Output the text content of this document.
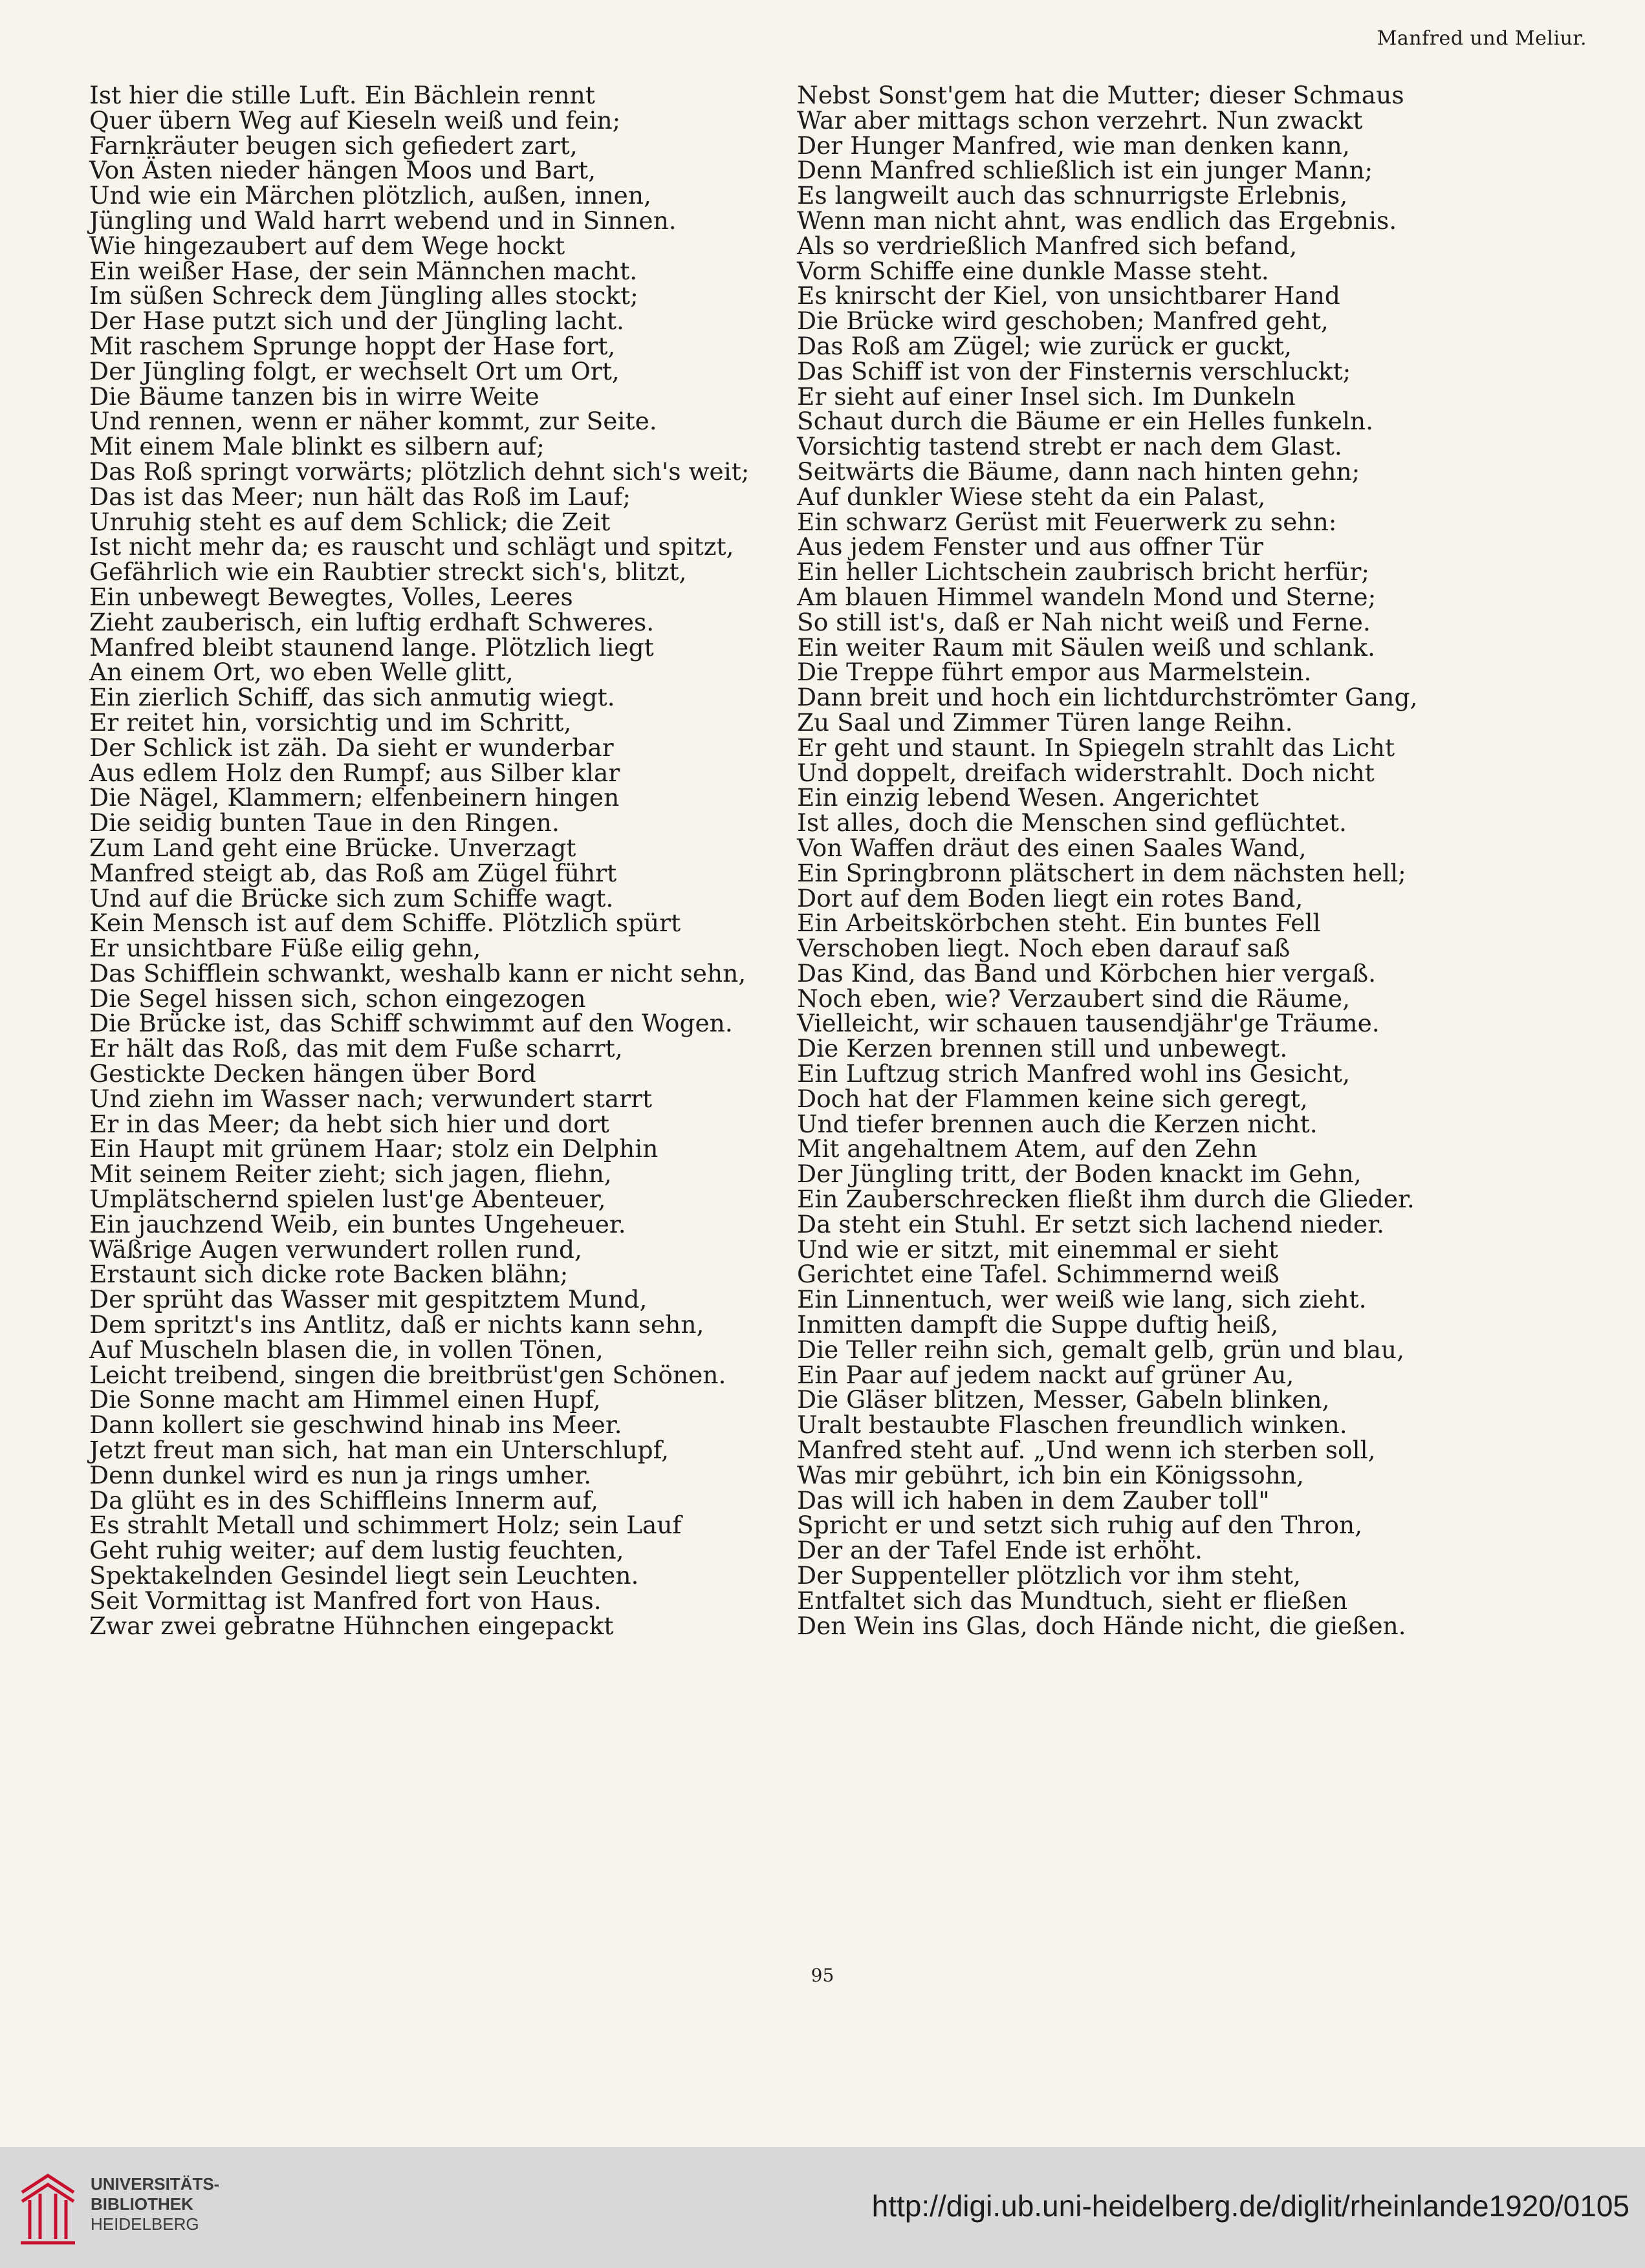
Manfred und Meliur.
Ist hier die stille Luft. Ein Bächlein rennt
Quer übern Weg auf Kieseln weiß und fein;
Farnkräuter beugen sich gefiedert zart,
Von Ästen nieder hängen Moos und Bart,
Und wie ein Märchen plötzlich, außen, innen,
Jüngling und Wald harrt webend und in Sinnen.
Wie hingezaubert auf dem Wege hockt
Ein weißer Hase, der sein Männchen macht.
Im süßen Schreck dem Jüngling alles stockt;
Der Hase putzt sich und der Jüngling lacht.
Mit raschem Sprunge hoppt der Hase fort,
Der Jüngling folgt, er wechselt Ort um Ort,
Die Bäume tanzen bis in wirre Weite
Und rennen, wenn er näher kommt, zur Seite.
Mit einem Male blinkt es silbern auf;
Das Roß springt vorwärts; plötzlich dehnt sich's weit;
Das ist das Meer; nun hält das Roß im Lauf;
Unruhig steht es auf dem Schlick; die Zeit
Ist nicht mehr da; es rauscht und schlägt und spitzt,
Gefährlich wie ein Raubtier streckt sich's, blitzt,
Ein unbewegt Bewegtes, Volles, Leeres
Zieht zauberisch, ein luftig erdhaft Schweres.
Manfred bleibt staunend lange. Plötzlich liegt
An einem Ort, wo eben Welle glitt,
Ein zierlich Schiff, das sich anmutig wiegt.
Er reitet hin, vorsichtig und im Schritt,
Der Schlick ist zäh. Da sieht er wunderbar
Aus edlem Holz den Rumpf; aus Silber klar
Die Nägel, Klammern; elfenbeinern hingen
Die seidig bunten Taue in den Ringen.
Zum Land geht eine Brücke. Unverzagt
Manfred steigt ab, das Roß am Zügel führt
Und auf die Brücke sich zum Schiffe wagt.
Kein Mensch ist auf dem Schiffe. Plötzlich spürt
Er unsichtbare Füße eilig gehn,
Das Schifflein schwankt, weshalb kann er nicht sehn,
Die Segel hissen sich, schon eingezogen
Die Brücke ist, das Schiff schwimmt auf den Wogen.
Er hält das Roß, das mit dem Fuße scharrt,
Gestickte Decken hängen über Bord
Und ziehn im Wasser nach; verwundert starrt
Er in das Meer; da hebt sich hier und dort
Ein Haupt mit grünem Haar; stolz ein Delphin
Mit seinem Reiter zieht; sich jagen, fliehn,
Umplätschernd spielen lust'ge Abenteuer,
Ein jauchzend Weib, ein buntes Ungeheuer.
Wäßrige Augen verwundert rollen rund,
Erstaunt sich dicke rote Backen blähn;
Der sprüht das Wasser mit gespitztem Mund,
Dem spritzt's ins Antlitz, daß er nichts kann sehn,
Auf Muscheln blasen die, in vollen Tönen,
Leicht treibend, singen die breitbrüst'gen Schönen.
Die Sonne macht am Himmel einen Hupf,
Dann kollert sie geschwind hinab ins Meer.
Jetzt freut man sich, hat man ein Unterschlupf,
Denn dunkel wird es nun ja rings umher.
Da glüht es in des Schiffleins Innerm auf,
Es strahlt Metall und schimmert Holz; sein Lauf
Geht ruhig weiter; auf dem lustig feuchten,
Spektakelnden Gesindel liegt sein Leuchten.
Seit Vormittag ist Manfred fort von Haus.
Zwar zwei gebratne Hühnchen eingepackt
Nebst Sonst'gem hat die Mutter; dieser Schmaus
War aber mittags schon verzehrt. Nun zwackt
Der Hunger Manfred, wie man denken kann,
Denn Manfred schließlich ist ein junger Mann;
Es langweilt auch das schnurrigste Erlebnis,
Wenn man nicht ahnt, was endlich das Ergebnis.
Als so verdrießlich Manfred sich befand,
Vorm Schiffe eine dunkle Masse steht.
Es knirscht der Kiel, von unsichtbarer Hand
Die Brücke wird geschoben; Manfred geht,
Das Roß am Zügel; wie zurück er guckt,
Das Schiff ist von der Finsternis verschluckt;
Er sieht auf einer Insel sich. Im Dunkeln
Schaut durch die Bäume er ein Helles funkeln.
Vorsichtig tastend strebt er nach dem Glast.
Seitwärts die Bäume, dann nach hinten gehn;
Auf dunkler Wiese steht da ein Palast,
Ein schwarz Gerüst mit Feuerwerk zu sehn:
Aus jedem Fenster und aus offner Tür
Ein heller Lichtschein zaubrisch bricht herfür;
Am blauen Himmel wandeln Mond und Sterne;
So still ist's, daß er Nah nicht weiß und Ferne.
Ein weiter Raum mit Säulen weiß und schlank.
Die Treppe führt empor aus Marmelstein.
Dann breit und hoch ein lichtdurchströmter Gang,
Zu Saal und Zimmer Türen lange Reihn.
Er geht und staunt. In Spiegeln strahlt das Licht
Und doppelt, dreifach widerstrahlt. Doch nicht
Ein einzig lebend Wesen. Angerichtet
Ist alles, doch die Menschen sind geflüchtet.
Von Waffen dräut des einen Saales Wand,
Ein Springbronn plätschert in dem nächsten hell;
Dort auf dem Boden liegt ein rotes Band,
Ein Arbeitskörbchen steht. Ein buntes Fell
Verschoben liegt. Noch eben darauf saß
Das Kind, das Band und Körbchen hier vergaß.
Noch eben, wie? Verzaubert sind die Räume,
Vielleicht, wir schauen tausendjähr'ge Träume.
Die Kerzen brennen still und unbewegt.
Ein Luftzug strich Manfred wohl ins Gesicht,
Doch hat der Flammen keine sich geregt,
Und tiefer brennen auch die Kerzen nicht.
Mit angehaltnem Atem, auf den Zehn
Der Jüngling tritt, der Boden knackt im Gehn,
Ein Zauberschrecken fließt ihm durch die Glieder.
Da steht ein Stuhl. Er setzt sich lachend nieder.
Und wie er sitzt, mit einemmal er sieht
Gerichtet eine Tafel. Schimmernd weiß
Ein Linnentuch, wer weiß wie lang, sich zieht.
Inmitten dampft die Suppe duftig heiß,
Die Teller reihn sich, gemalt gelb, grün und blau,
Ein Paar auf jedem nackt auf grüner Au,
Die Gläser blitzen, Messer, Gabeln blinken,
Uralt bestaubte Flaschen freundlich winken.
Manfred steht auf. „Und wenn ich sterben soll,
Was mir gebührt, ich bin ein Königssohn,
Das will ich haben in dem Zauber toll"
Spricht er und setzt sich ruhig auf den Thron,
Der an der Tafel Ende ist erhöht.
Der Suppenteller plötzlich vor ihm steht,
Entfaltet sich das Mundtuch, sieht er fließen
Den Wein ins Glas, doch Hände nicht, die gießen.
95
UNIVERSITÄTS-
BIBLIOTHEK
HEIDELBERG
http://digi.ub.uni-heidelberg.de/diglit/rheinlande1920/0105
